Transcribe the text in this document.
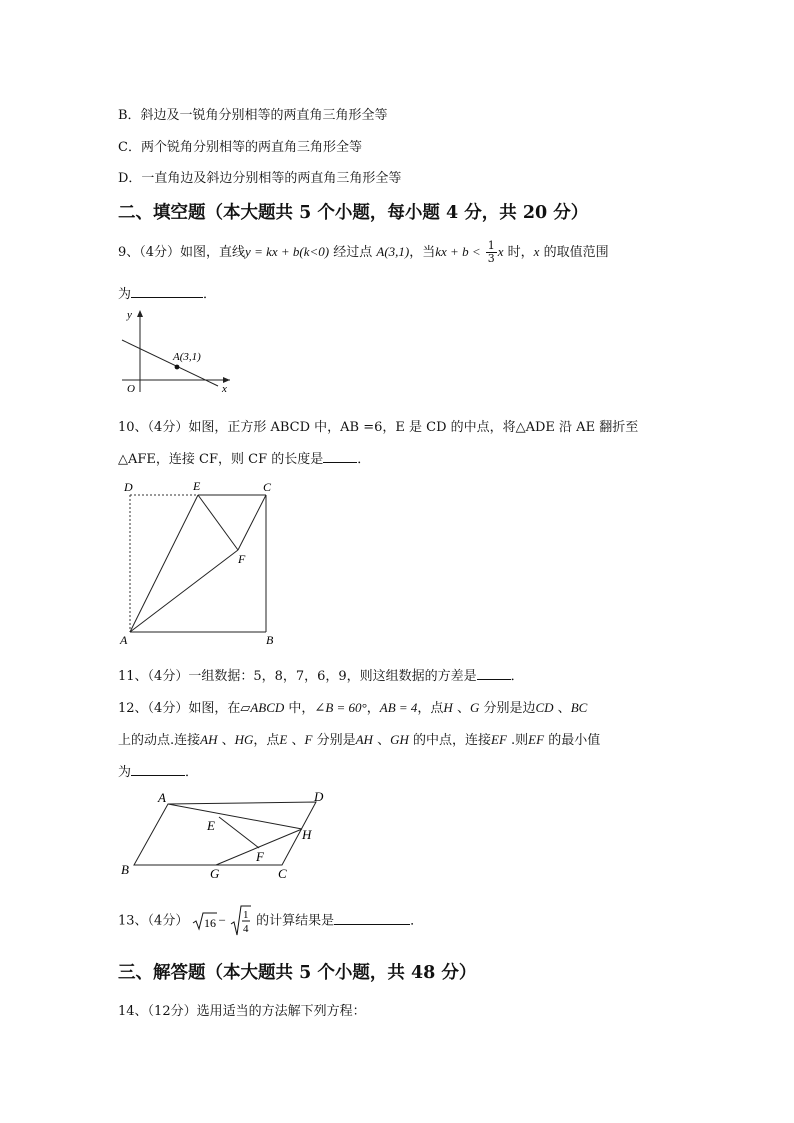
B．斜边及一锐角分别相等的两直角三角形全等
C．两个锐角分别相等的两直角三角形全等
D．一直角边及斜边分别相等的两直角三角形全等
二、填空题（本大题共 5 个小题，每小题 4 分，共 20 分）
9、（4分）如图，直线y = kx + b(k<0) 经过点 A(3,1)，当kx + $b < \frac{1}{3}$ x 时，x 的取值范围
为	．
y
x
O
A(3,1)
10、（4分）如图，正方形 ABCD 中，AB =6，E 是 CD 的中点，将△ADE 沿 AE 翻折至
△AFE，连接 CF，则 CF 的长度是	．
D	E	C
F
A	B
11、（4分）一组数据：5，8，7，6，9，则这组数据的方差是	．
12、（4分）如图，在▱ABCD 中，∠B = 60°，AB = 4，点H 、G 分别是边CD 、BC
上的动点.连接AH 、HG，点E 、F 分别是AH 、GH 的中点，连接EF .则EF 的最小值
为	．
A	D
E
H
F
B	G	C
13、（4分） 16 − 1
4
的计算结果是	．
三、解答题（本大题共 5 个小题，共 48 分）
14、（12分）选用适当的方法解下列方程：
